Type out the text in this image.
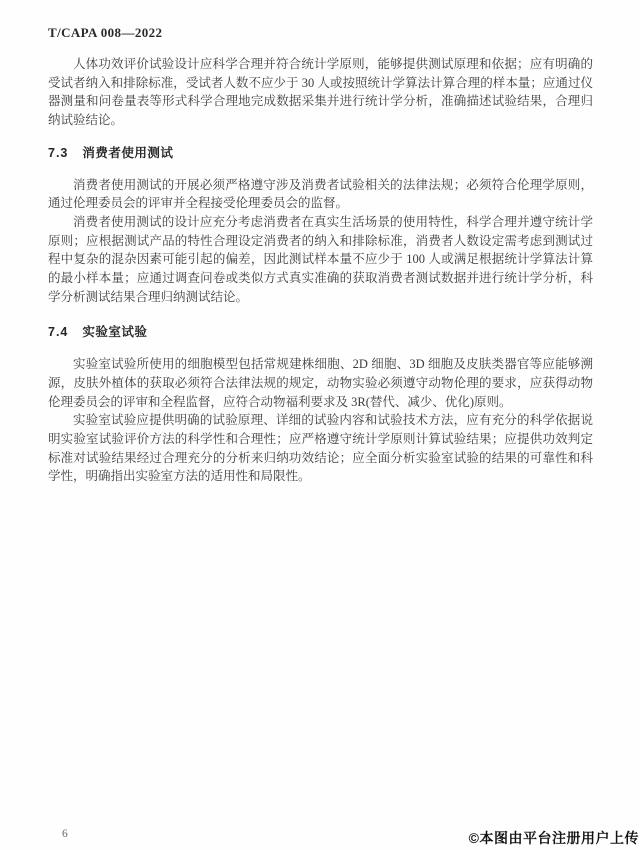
T/CAPA 008—2022

人体功效评价试验设计应科学合理并符合统计学原则，能够提供测试原理和依据；应有明确的受试者纳入和排除标准，受试者人数不应少于 30 人或按照统计学算法计算合理的样本量；应通过仪器测量和问卷量表等形式科学合理地完成数据采集并进行统计学分析，准确描述试验结果，合理归纳试验结论。

7.3 消费者使用测试

消费者使用测试的开展必须严格遵守涉及消费者试验相关的法律法规；必须符合伦理学原则，通过伦理委员会的评审并全程接受伦理委员会的监督。

消费者使用测试的设计应充分考虑消费者在真实生活场景的使用特性，科学合理并遵守统计学原则；应根据测试产品的特性合理设定消费者的纳入和排除标准，消费者人数设定需考虑到测试过程中复杂的混杂因素可能引起的偏差，因此测试样本量不应少于 100 人或满足根据统计学算法计算的最小样本量；应通过调查问卷或类似方式真实准确的获取消费者测试数据并进行统计学分析，科学分析测试结果合理归纳测试结论。

7.4 实验室试验

实验室试验所使用的细胞模型包括常规建株细胞、2D 细胞、3D 细胞及皮肤类器官等应能够溯源，皮肤外植体的获取必须符合法律法规的规定，动物实验必须遵守动物伦理的要求，应获得动物伦理委员会的评审和全程监督，应符合动物福利要求及 3R(替代、减少、优化)原则。

实验室试验应提供明确的试验原理、详细的试验内容和试验技术方法，应有充分的科学依据说明实验室试验评价方法的科学性和合理性；应严格遵守统计学原则计算试验结果；应提供功效判定标准对试验结果经过合理充分的分析来归纳功效结论；应全面分析实验室试验的结果的可靠性和科学性，明确指出实验室方法的适用性和局限性。

6	©本图由平台注册用户上传
